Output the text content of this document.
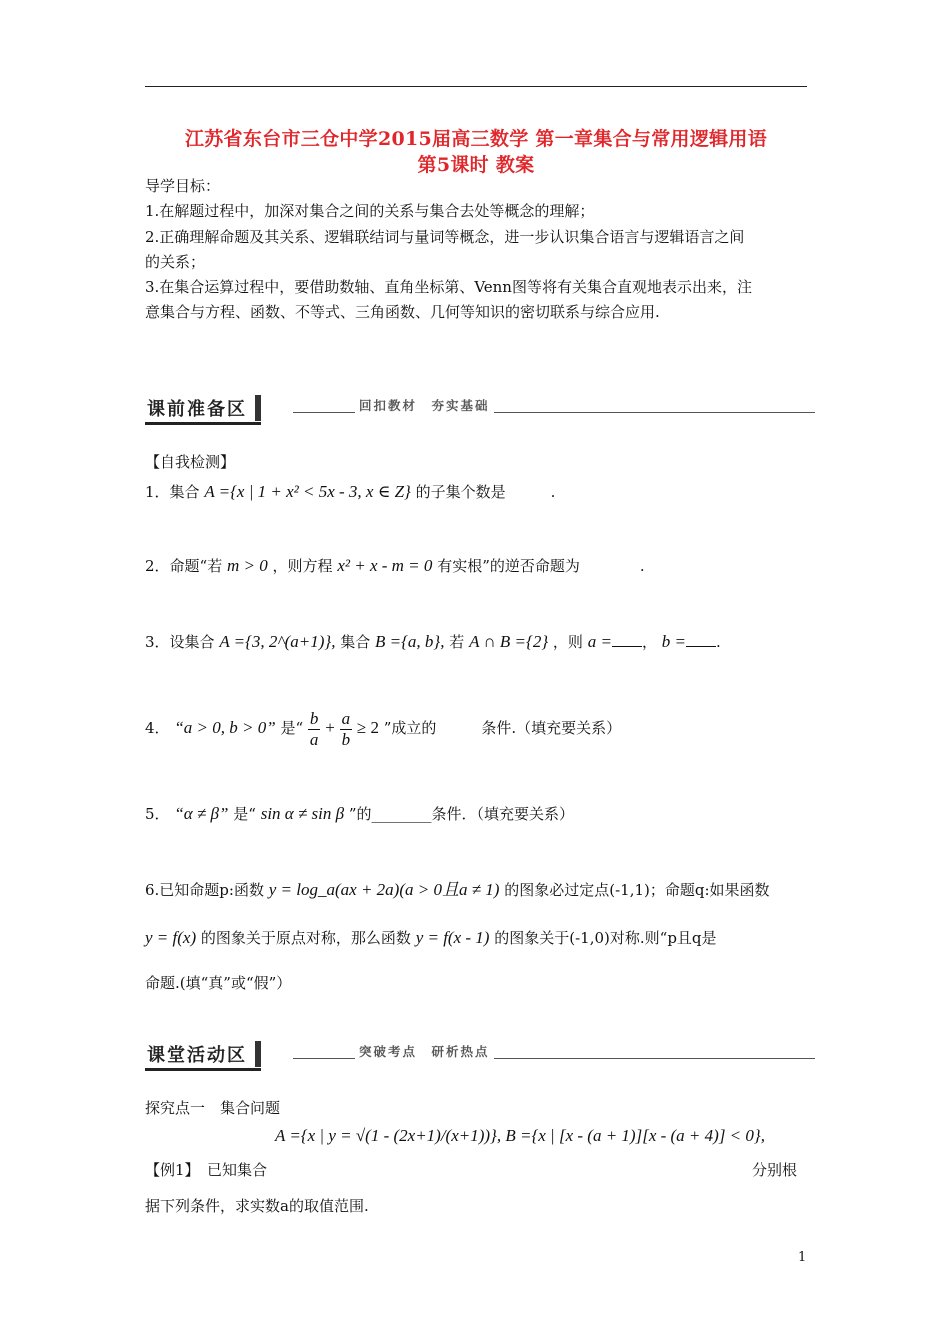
江苏省东台市三仓中学2015届高三数学 第一章集合与常用逻辑用语
第5课时 教案
导学目标：
1.在解题过程中，加深对集合之间的关系与集合去处等概念的理解；
2.正确理解命题及其关系、逻辑联结词与量词等概念，进一步认识集合语言与逻辑语言之间
的关系；
3.在集合运算过程中，要借助数轴、直角坐标第、Venn图等将有关集合直观地表示出来，注
意集合与方程、函数、不等式、三角函数、几何等知识的密切联系与综合应用.
课前准备区	回扣教材　夯实基础
【自我检测】
1．集合 A ={x | 1 + x² < 5x - 3, x ∈ Z} 的子集个数是　　　.
2．命题“若 m > 0 ，则方程 x² + x - m = 0 有实根”的逆否命题为　　　　.
3．设集合 A ={3, 2^(a+1)}, 集合 B ={a, b}, 若 A ∩ B ={2} ，则 a = ， b = .
4． “a > 0, b > 0” 是“ $\frac{b}{a} + \frac{a}{b} \ge 2$ ”成立的　　　条件.（填充要关系）
5． “α ≠ β” 是“ sin α ≠ sin β ”的________条件．（填充要关系）
6.已知命题p:函数 y = log_a(ax + 2a)(a > 0且a ≠ 1) 的图象必过定点(-1,1)；命题q:如果函数
y = f(x) 的图象关于原点对称，那么函数 y = f(x - 1) 的图象关于(-1,0)对称.则“p且q是
命题.(填“真”或“假”）
课堂活动区	突破考点　研析热点
探究点一　集合问题
A ={x | y = √(1 - (2x+1)/(x+1))}, B ={x | [x - (a + 1)][x - (a + 4)] < 0},
【例1】　已知集合	分别根
据下列条件，求实数a的取值范围.
1
